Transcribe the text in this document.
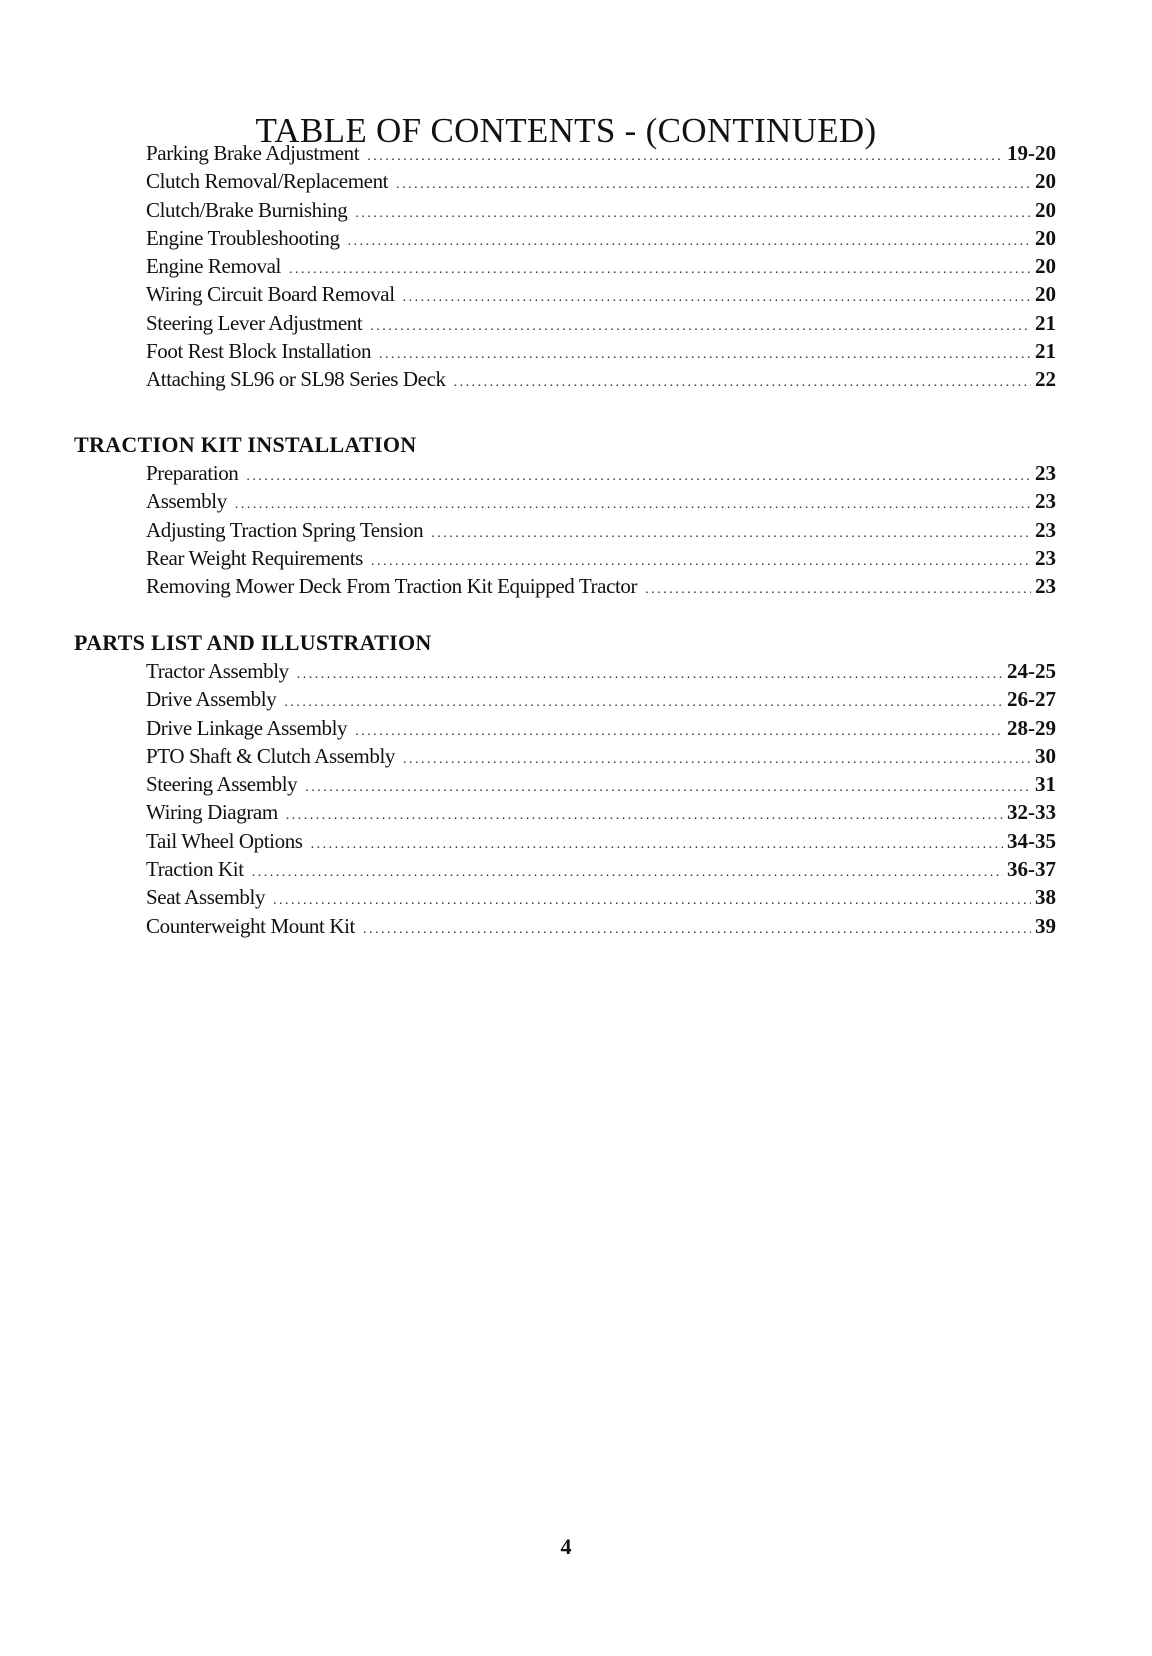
TABLE OF CONTENTS - (CONTINUED)
Parking Brake Adjustment .....	19-20
Clutch Removal/Replacement .....	20
Clutch/Brake Burnishing .....	20
Engine Troubleshooting .....	20
Engine Removal .....	20
Wiring Circuit Board Removal .....	20
Steering Lever Adjustment .....	21
Foot Rest Block Installation .....	21
Attaching SL96 or SL98 Series Deck .....	22
TRACTION KIT INSTALLATION
Preparation .....	23
Assembly .....	23
Adjusting Traction Spring Tension .....	23
Rear Weight Requirements .....	23
Removing Mower Deck From Traction Kit Equipped Tractor .....	23
PARTS LIST AND ILLUSTRATION
Tractor Assembly .....	24-25
Drive Assembly .....	26-27
Drive Linkage Assembly .....	28-29
PTO Shaft & Clutch Assembly .....	30
Steering Assembly .....	31
Wiring Diagram .....	32-33
Tail Wheel Options .....	34-35
Traction Kit .....	36-37
Seat Assembly .....	38
Counterweight Mount Kit .....	39
4
